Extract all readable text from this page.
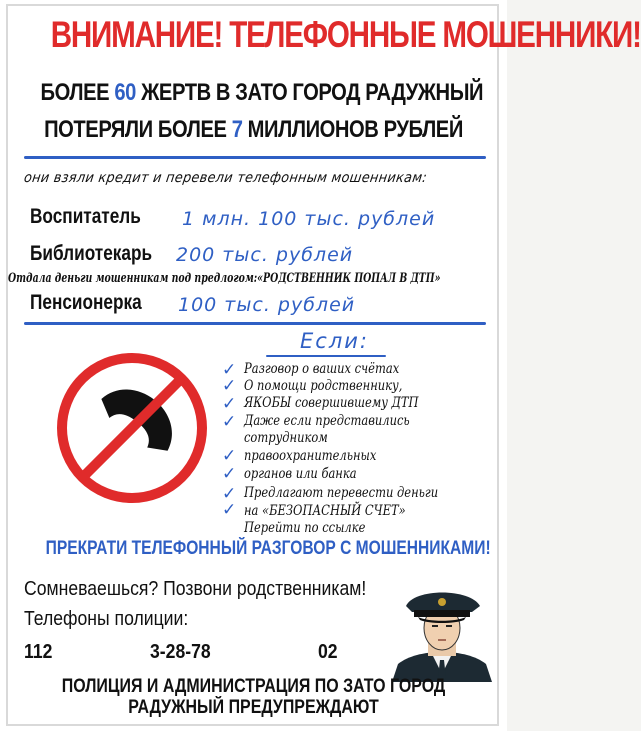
ВНИМАНИЕ! ТЕЛЕФОННЫЕ МОШЕННИКИ!
БОЛЕЕ 60 ЖЕРТВ В ЗАТО ГОРОД РАДУЖНЫЙ
ПОТЕРЯЛИ БОЛЕЕ 7 МИЛЛИОНОВ РУБЛЕЙ
они взяли кредит и перевели телефонным мошенникам:
Воспитатель 1 млн. 100 тыс. рублей
Библиотекарь 200 тыс. рублей
Отдала деньги мошенникам под предлогом:«РОДСТВЕННИК ПОПАЛ В ДТП»
Пенсионерка 100 тыс. рублей
Если:
✓ Разговор о ваших счётах
✓ О помощи родственнику,
ЯКОБЫ совершившему ДТП
✓
✓ Даже если представились
сотрудником
✓ правоохранительных
✓ органов или банка
✓ Предлагают перевести деньги
✓ на «БЕЗОПАСНЫЙ СЧЕТ»
Перейти по ссылке
ПРЕКРАТИ ТЕЛЕФОННЫЙ РАЗГОВОР С МОШЕННИКАМИ!
Сомневаешься? Позвони родственникам!
Телефоны полиции:
112	3-28-78	02
ПОЛИЦИЯ И АДМИНИСТРАЦИЯ ПО ЗАТО ГОРОД
РАДУЖНЫЙ ПРЕДУПРЕЖДАЮТ
